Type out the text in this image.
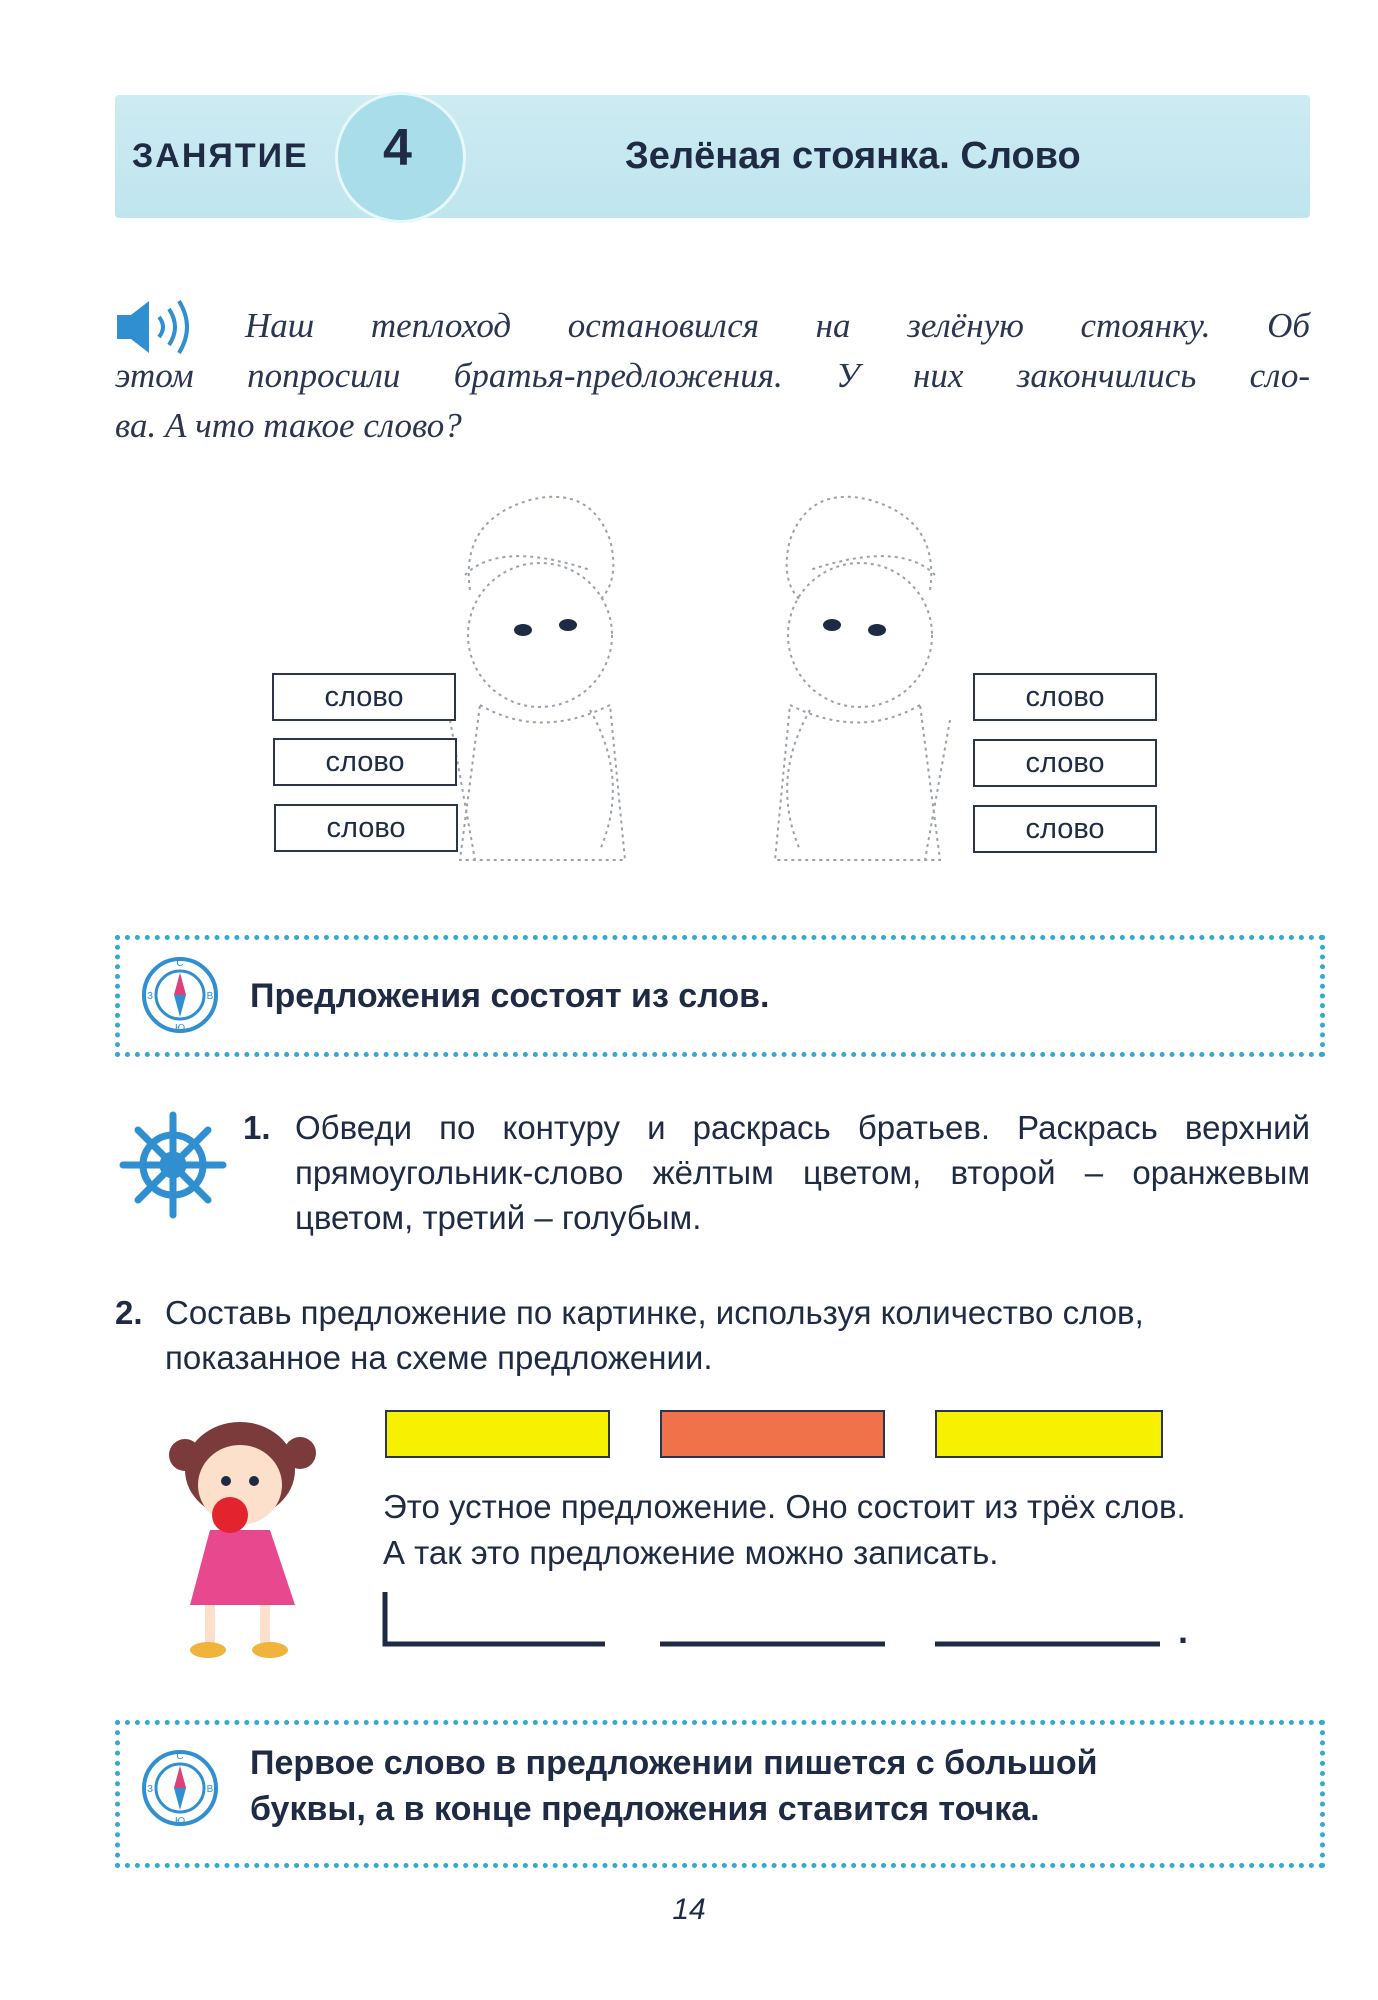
ЗАНЯТИЕ	4	Зелёная стоянка. Слово
Наш теплоход остановился на зелёную стоянку. Об
этом попросили братья-предложения. У них закончились сло-
ва. А что такое слово?
слово
слово
слово
слово
слово
слово
С
З	В
Ю
Предложения состоят из слов.
1. Обведи по контуру и раскрась братьев. Раскрась верхний прямоугольник-слово жёлтым цветом, второй – оранжевым цветом, третий – голубым.
2. Составь предложение по картинке, используя количество слов,
показанное на схеме предложении.
Это устное предложение. Оно состоит из трёх слов.
А так это предложение можно записать.
.
С
З	В
Ю
Первое слово в предложении пишется с большой
буквы, а в конце предложения ставится точка.
14
